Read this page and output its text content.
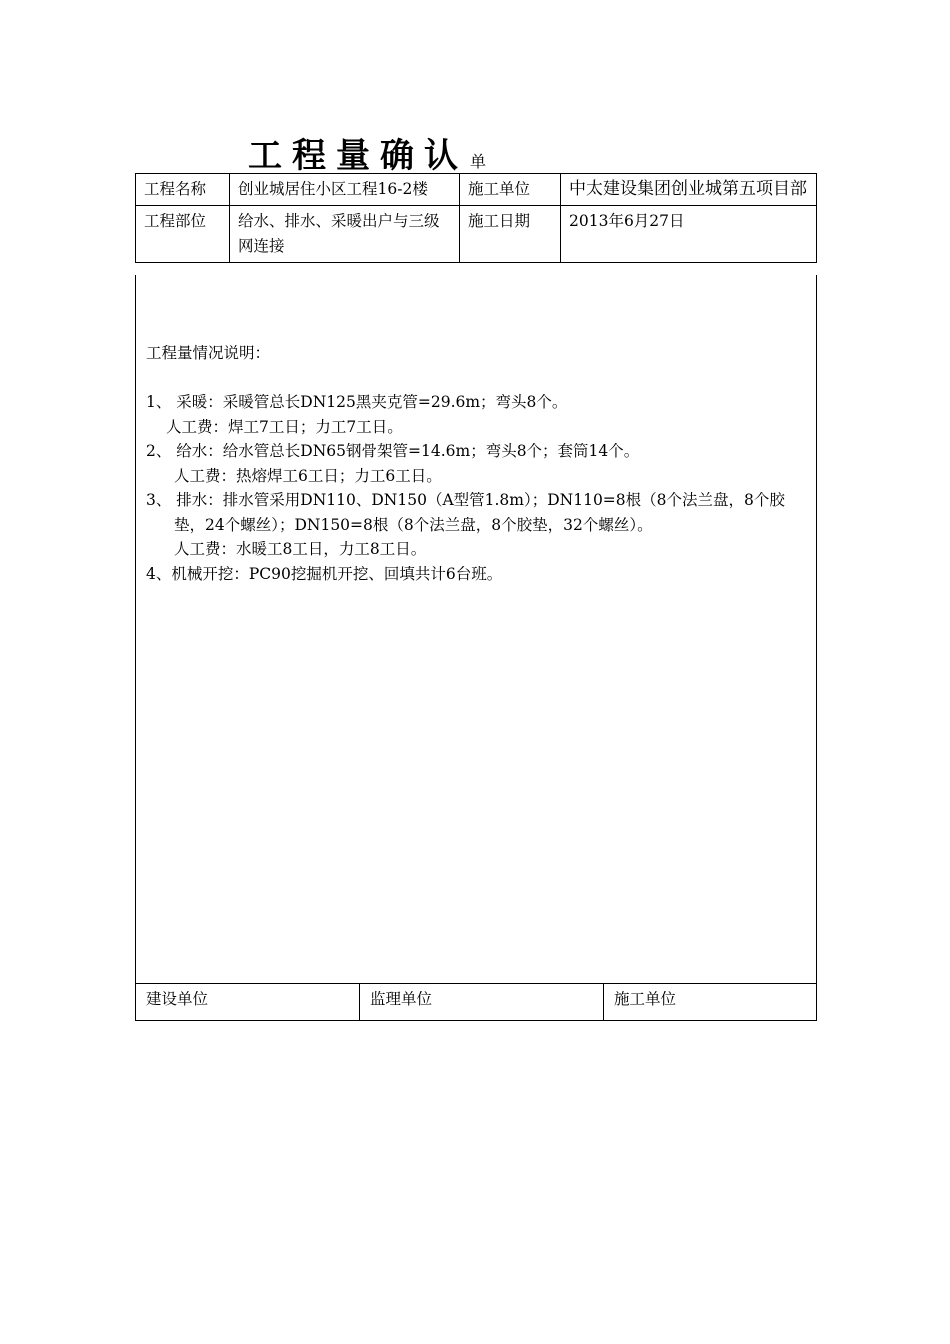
工程量确认 单
工程名称	创业城居住小区工程16-2楼	施工单位	中太建设集团创业城第五项目部
工程部位	给水、排水、采暖出户与三级网连接	施工日期	2013年6月27日

工程量情况说明：

1、 采暖：采暖管总长DN125黑夹克管=29.6m；弯头8个。

人工费：焊工7工日；力工7工日。

2、 给水：给水管总长DN65钢骨架管=14.6m；弯头8个；套筒14个。

人工费：热熔焊工6工日；力工6工日。

3、 排水：排水管采用DN110、DN150（A型管1.8m）；DN110=8根（8个法兰盘，8个胶垫，24个螺丝）；DN150=8根（8个法兰盘，8个胶垫，32个螺丝）。

人工费：水暖工8工日，力工8工日。

4、机械开挖：PC90挖掘机开挖、回填共计6台班。

建设单位	监理单位	施工单位
